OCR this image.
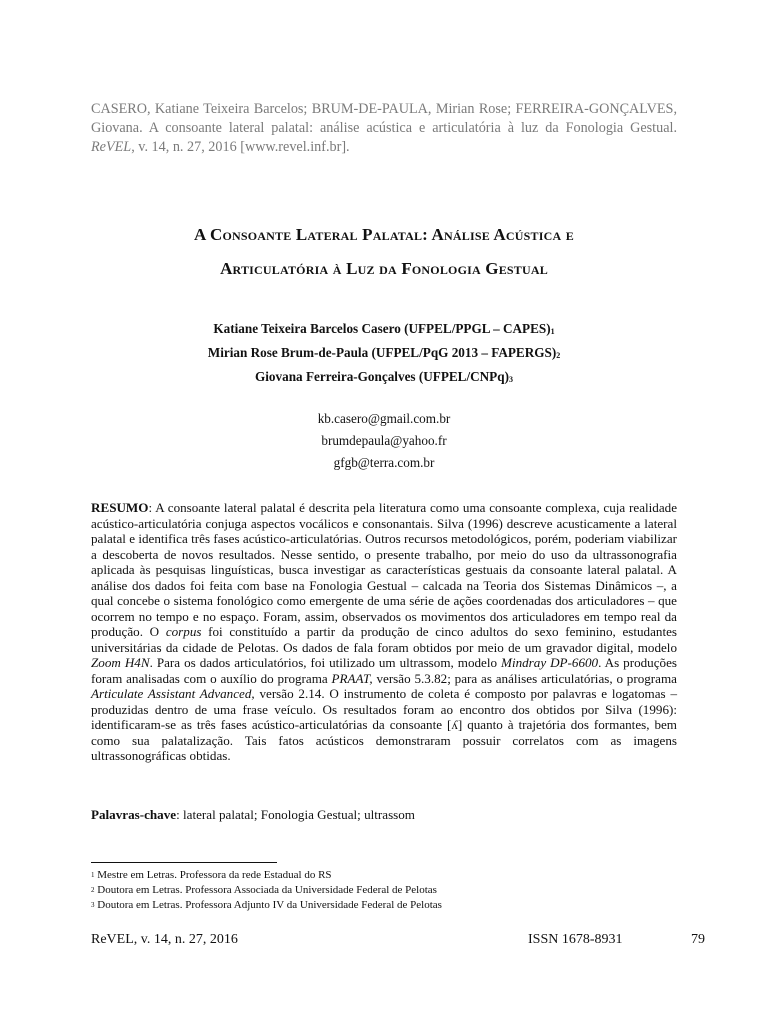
CASERO, Katiane Teixeira Barcelos; BRUM-DE-PAULA, Mirian Rose; FERREIRA-GONÇALVES, Giovana. A consoante lateral palatal: análise acústica e articulatória à luz da Fonologia Gestual. ReVEL, v. 14, n. 27, 2016 [www.revel.inf.br].
A Consoante Lateral Palatal: Análise Acústica e
Articulatória à Luz da Fonologia Gestual
Katiane Teixeira Barcelos Casero (UFPEL/PPGL – CAPES)$^1$
Mirian Rose Brum-de-Paula (UFPEL/PqG 2013 – FAPERGS)$^2$
Giovana Ferreira-Gonçalves (UFPEL/CNPq)$^3$
kb.casero@gmail.com.br
brumdepaula@yahoo.fr
gfgb@terra.com.br
RESUMO: A consoante lateral palatal é descrita pela literatura como uma consoante complexa, cuja realidade acústico-articulatória conjuga aspectos vocálicos e consonantais. Silva (1996) descreve acusticamente a lateral palatal e identifica três fases acústico-articulatórias. Outros recursos metodológicos, porém, poderiam viabilizar a descoberta de novos resultados. Nesse sentido, o presente trabalho, por meio do uso da ultrassonografia aplicada às pesquisas linguísticas, busca investigar as características gestuais da consoante lateral palatal. A análise dos dados foi feita com base na Fonologia Gestual – calcada na Teoria dos Sistemas Dinâmicos –, a qual concebe o sistema fonológico como emergente de uma série de ações coordenadas dos articuladores – que ocorrem no tempo e no espaço. Foram, assim, observados os movimentos dos articuladores em tempo real da produção. O corpus foi constituído a partir da produção de cinco adultos do sexo feminino, estudantes universitárias da cidade de Pelotas. Os dados de fala foram obtidos por meio de um gravador digital, modelo Zoom H4N. Para os dados articulatórios, foi utilizado um ultrassom, modelo Mindray DP-6600. As produções foram analisadas com o auxílio do programa PRAAT, versão 5.3.82; para as análises articulatórias, o programa Articulate Assistant Advanced, versão 2.14. O instrumento de coleta é composto por palavras e logatomas – produzidas dentro de uma frase veículo. Os resultados foram ao encontro dos obtidos por Silva (1996): identificaram-se as três fases acústico-articulatórias da consoante [ʎ] quanto à trajetória dos formantes, bem como sua palatalização. Tais fatos acústicos demonstraram possuir correlatos com as imagens ultrassonográficas obtidas.
Palavras-chave: lateral palatal; Fonologia Gestual; ultrassom
$^1$ Mestre em Letras. Professora da rede Estadual do RS
$^2$ Doutora em Letras. Professora Associada da Universidade Federal de Pelotas
$^3$ Doutora em Letras. Professora Adjunto IV da Universidade Federal de Pelotas
ReVEL, v. 14, n. 27, 2016	ISSN 1678-8931	79
